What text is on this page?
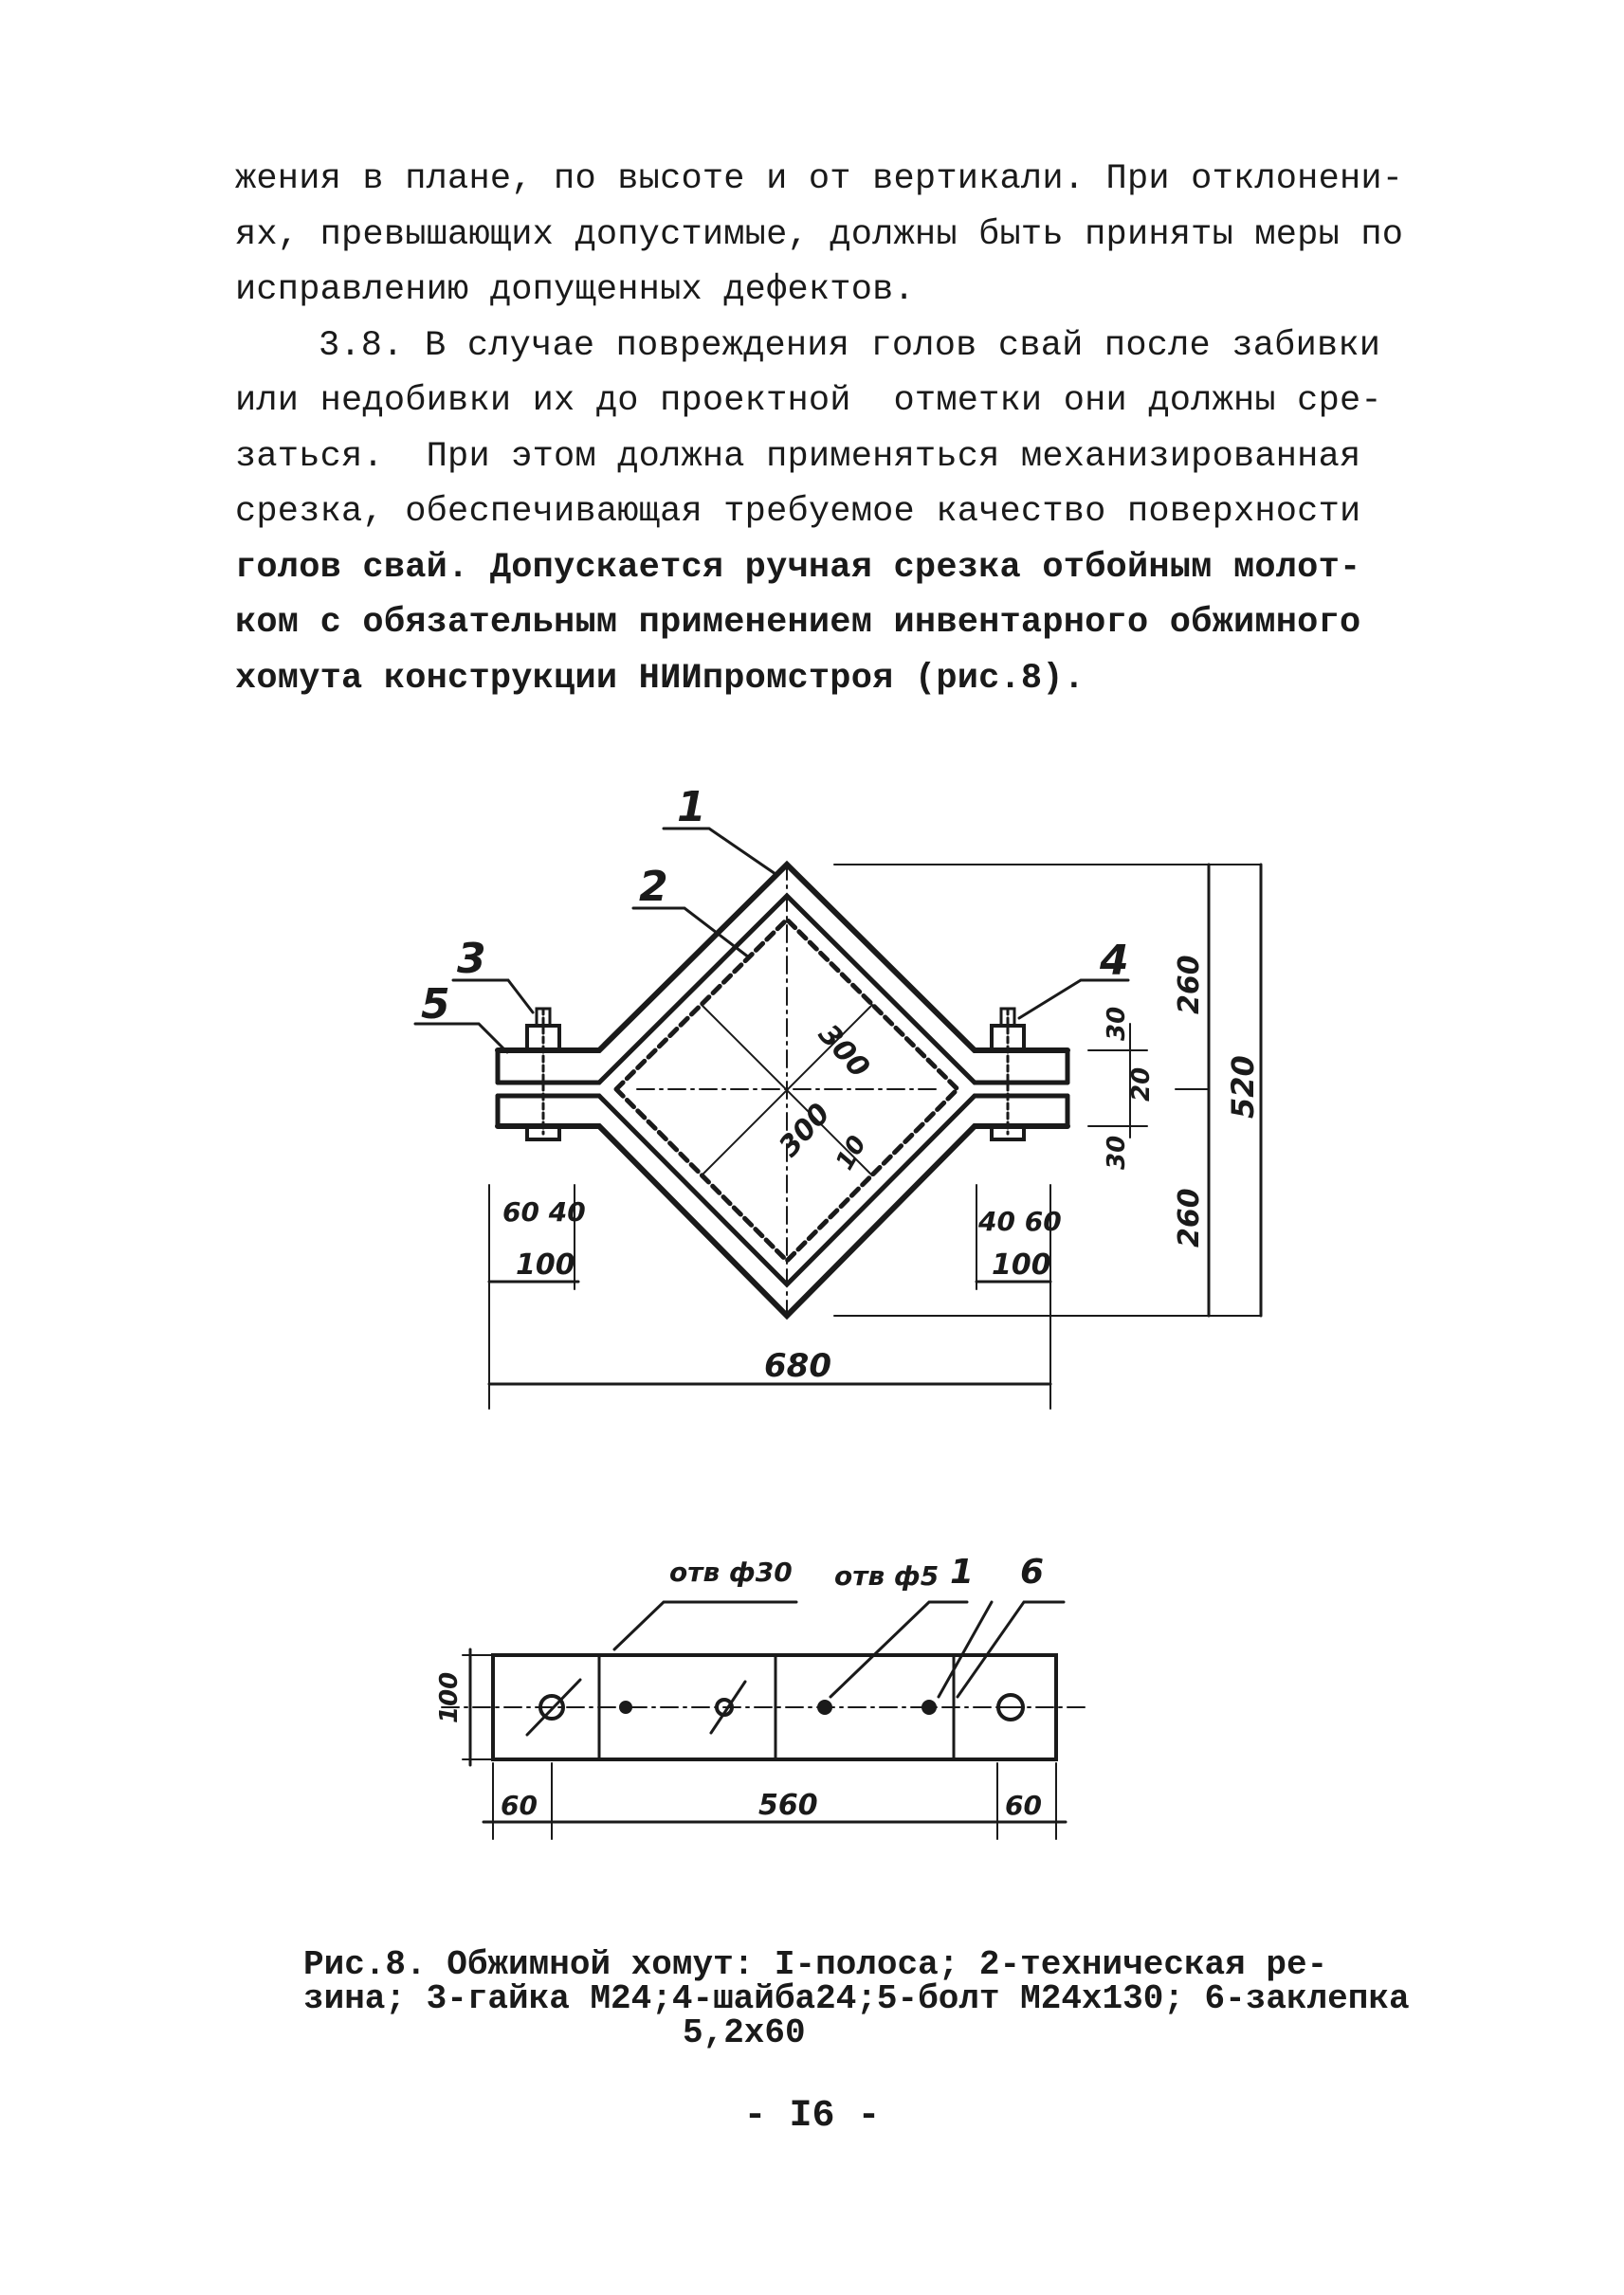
жения в плане, по высоте и от вертикали. При отклонени-
ях, превышающих допустимые, должны быть приняты меры по
исправлению допущенных дефектов.
3.8. В случае повреждения голов свай после забивки
или недобивки их до проектной  отметки они должны сре-
заться.  При этом должна применяться механизированная
срезка, обеспечивающая требуемое качество поверхности
голов свай. Допускается ручная срезка отбойным молот-
ком с обязательным применением инвентарного обжимного
хомута конструкции НИИпромстроя (рис.8).
1
2
3
5
4
300
300
10
60 40
100
40 60
100
680
260
260
520
30
20
30
отв ф30 отв ф5 1 6
100
60	560	60
Рис.8. Обжимной хомут: I-полоса; 2-техническая ре-
зина; 3-гайка М24;4-шайба24;5-болт М24х130; 6-заклепка
5,2х60
- I6 -
